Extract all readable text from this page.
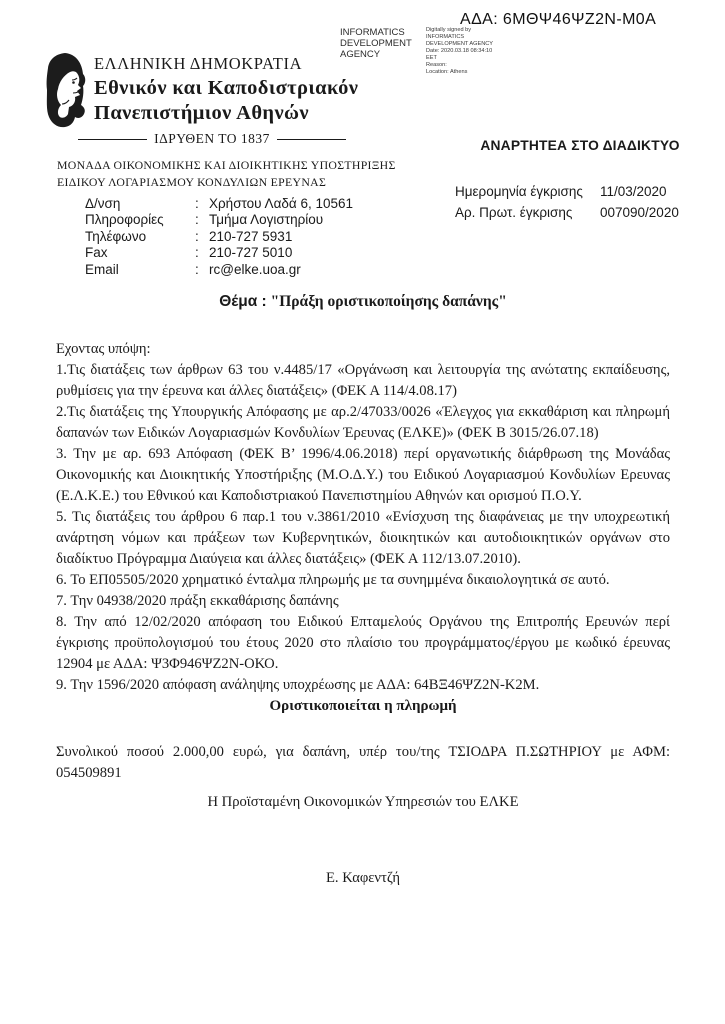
ΑΔΑ: 6ΜΘΨ46ΨΖ2Ν-Μ0Α
INFORMATICS DEVELOPMENT AGENCY
Digitally signed by
INFORMATICS
DEVELOPMENT AGENCY
Date: 2020.03.18 08:34:10
EET
Reason:
Location: Athens
ΕΛΛΗΝΙΚΗ ΔΗΜΟΚΡΑΤΙΑ
Εθνικόν και Καποδιστριακόν
Πανεπιστήμιον Αθηνών
ΙΔΡΥΘΕΝ ΤΟ 1837
ΜΟΝΑΔΑ ΟΙΚΟΝΟΜΙΚΗΣ ΚΑΙ ΔΙΟΙΚΗΤΙΚΗΣ ΥΠΟΣΤΗΡΙΞΗΣ
ΕΙΔΙΚΟΥ ΛΟΓΑΡΙΑΣΜΟΥ ΚΟΝΔΥΛΙΩΝ ΕΡΕΥΝΑΣ
Δ/νση	: Χρήστου Λαδά 6, 10561
Πληροφορίες	: Τμήμα Λογιστηρίου
Τηλέφωνο	: 210-727 5931
Fax	: 210-727 5010
Email	: rc@elke.uoa.gr
ΑΝΑΡΤΗΤΕΑ ΣΤΟ ΔΙΑΔΙΚΤΥΟ
Ημερομηνία έγκρισης	11/03/2020
Αρ. Πρωτ. έγκρισης	007090/2020
Θέμα : "Πράξη οριστικοποίησης δαπάνης"

Εχοντας υπόψη:

1.Τις διατάξεις των άρθρων 63 του ν.4485/17 «Οργάνωση και λειτουργία της ανώτατης εκπαίδευσης, ρυθμίσεις για την έρευνα και άλλες διατάξεις» (ΦΕΚ Α 114/4.08.17)

2.Τις διατάξεις της Υπουργικής Απόφασης με αρ.2/47033/0026 «Έλεγχος για εκκαθάριση και πληρωμή δαπανών των Ειδικών Λογαριασμών Κονδυλίων Έρευνας (ΕΛΚΕ)» (ΦΕΚ Β 3015/26.07.18)

3. Την με αρ. 693 Απόφαση (ΦΕΚ Β’ 1996/4.06.2018) περί οργανωτικής διάρθρωση της Μονάδας Οικονομικής και Διοικητικής Υποστήριξης (Μ.Ο.Δ.Υ.) του Ειδικού Λογαριασμού Κονδυλίων Ερευνας (Ε.Λ.Κ.Ε.) του Εθνικού και Καποδιστριακού Πανεπιστημίου Αθηνών και ορισμού Π.Ο.Υ.

5. Τις διατάξεις του άρθρου 6 παρ.1 του ν.3861/2010 «Ενίσχυση της διαφάνειας με την υποχρεωτική ανάρτηση νόμων και πράξεων των Κυβερνητικών, διοικητικών και αυτοδιοικητικών οργάνων στο διαδίκτυο Πρόγραμμα Διαύγεια και άλλες διατάξεις» (ΦΕΚ Α 112/13.07.2010).

6. Το ΕΠ05505/2020 χρηματικό ένταλμα πληρωμής με τα συνημμένα δικαιολογητικά σε αυτό.

7. Την 04938/2020 πράξη εκκαθάρισης δαπάνης

8. Την από 12/02/2020 απόφαση του Ειδικού Επταμελούς Οργάνου της Επιτροπής Ερευνών περί έγκρισης προϋπολογισμού του έτους 2020 στο πλαίσιο του προγράμματος/έργου με κωδικό έρευνας 12904 με ΑΔΑ: Ψ3Φ946ΨΖ2Ν-ΟΚΟ.

9. Την 1596/2020 απόφαση ανάληψης υποχρέωσης με ΑΔΑ: 64ΒΞ46ΨΖ2Ν-Κ2Μ.

Οριστικοποιείται η πληρωμή

Συνολικού ποσού 2.000,00 ευρώ, για δαπάνη, υπέρ του/της ΤΣΙΟΔΡΑ Π.ΣΩΤΗΡΙΟΥ με ΑΦΜ: 054509891

Η Προϊσταμένη Οικονομικών Υπηρεσιών του ΕΛΚΕ

Ε. Καφεντζή
